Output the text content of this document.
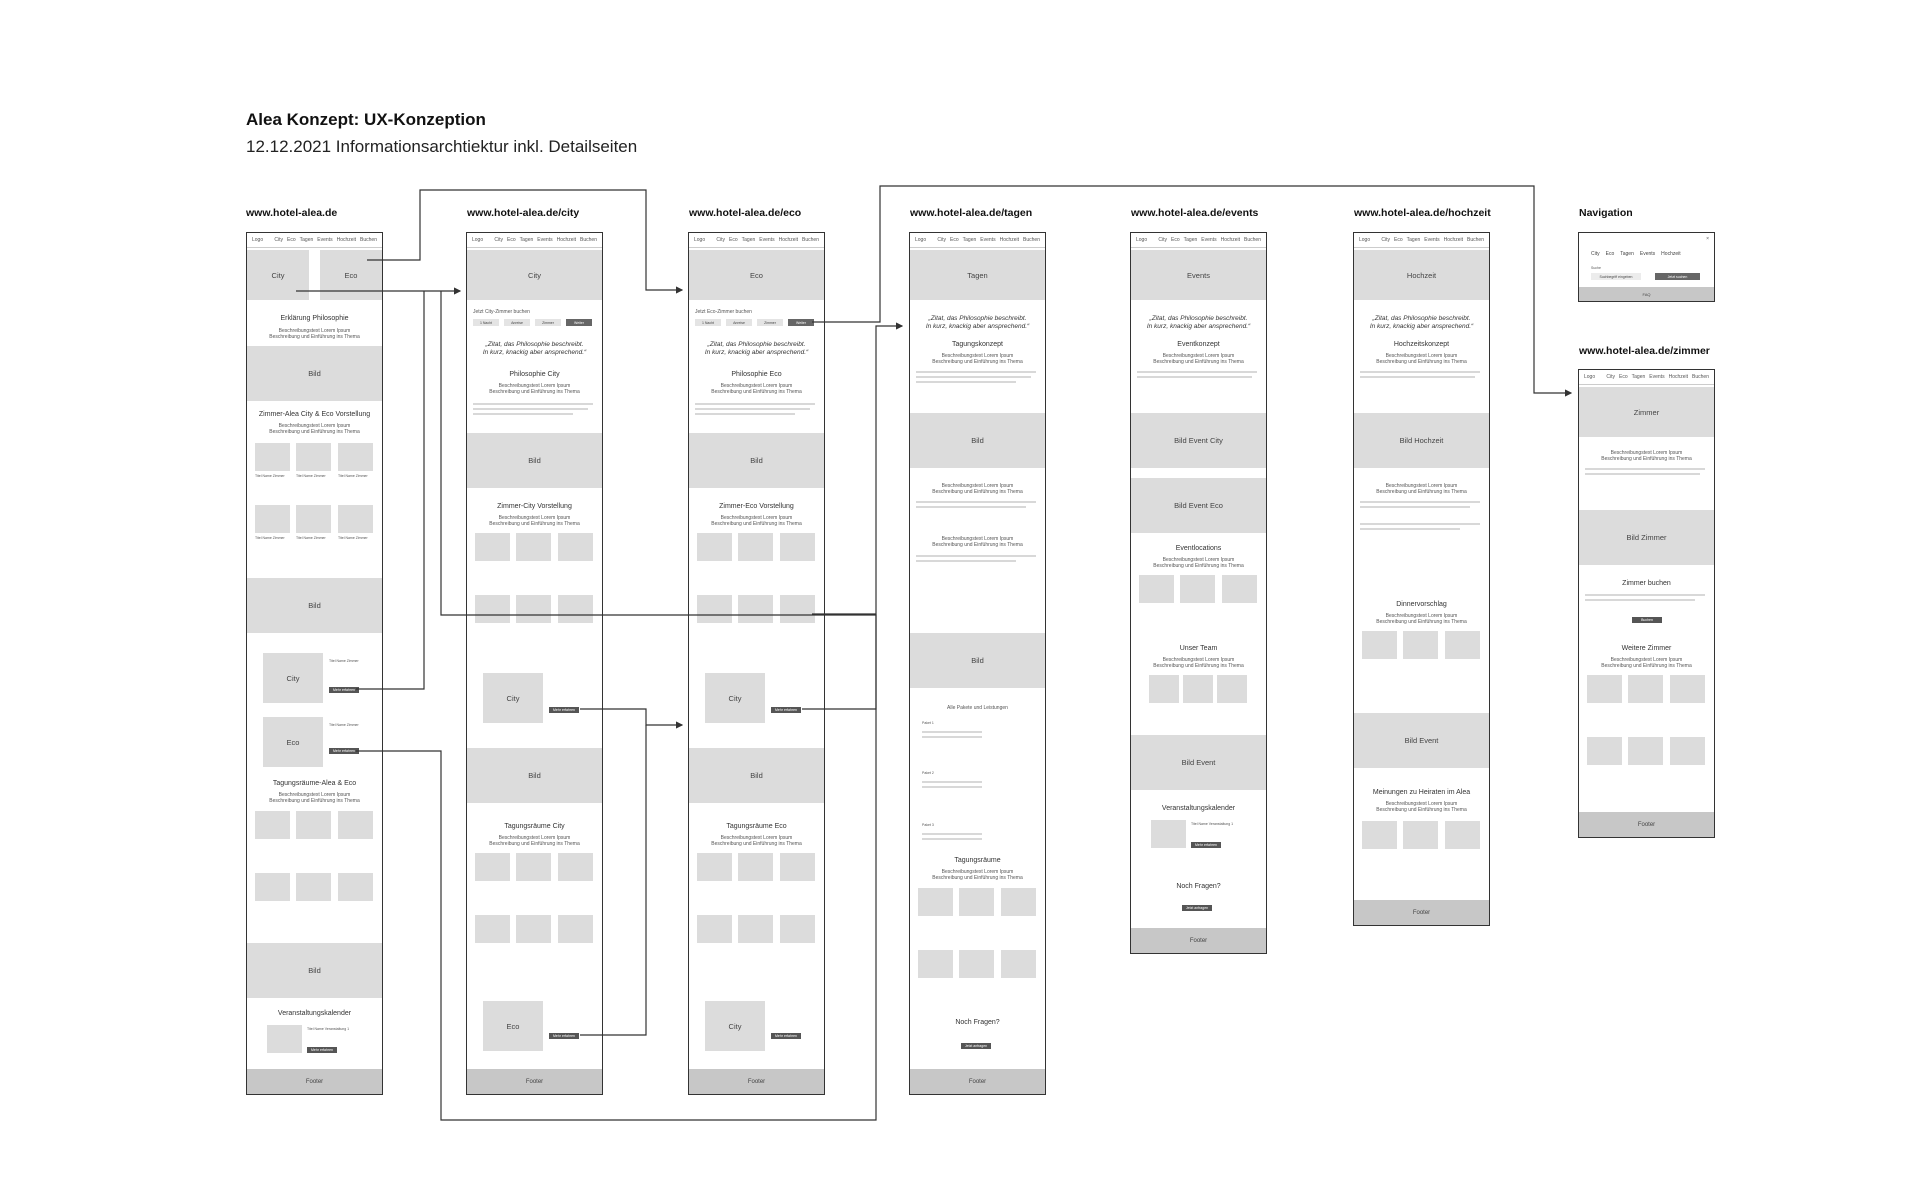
Alea Konzept: UX-Konzeption
12.12.2021 Informationsarchtiektur inkl. Detailseiten
www.hotel-alea.de	www.hotel-alea.de/city	www.hotel-alea.de/eco	www.hotel-alea.de/tagen	www.hotel-alea.de/events	www.hotel-alea.de/hochzeit	Navigation
www.hotel-alea.de/zimmer
Logo	City Eco Tagen Events Hochzeit Buchen
City	Eco
Erklärung Philosophie
Beschreibungstext Lorem Ipsum
Beschreibung und Einführung ins Thema
Bild
Zimmer-Alea City & Eco Vorstellung
Beschreibungstext Lorem Ipsum
Beschreibung und Einführung ins Thema
Titel Name Zimmer	Titel Name Zimmer	Titel Name Zimmer
Titel Name Zimmer	Titel Name Zimmer	Titel Name Zimmer
Bild
City
Titel Name Zimmer
Mehr erfahren
Eco
Titel Name Zimmer
Mehr erfahren
Tagungsräume-Alea & Eco
Beschreibungstext Lorem Ipsum
Beschreibung und Einführung ins Thema
Bild
Veranstaltungskalender
Titel Name Veranstaltung 1
Mehr erfahren
Footer
Logo	City Eco Tagen Events Hochzeit Buchen
City
Jetzt City-Zimmer buchen
1 Nacht	Anreise	Zimmer	Weiter
„Zitat, das Philosophie beschreibt.
In kurz, knackig aber ansprechend.“
Philosophie City
Beschreibungstext Lorem Ipsum
Beschreibung und Einführung ins Thema
Bild
Zimmer-City Vorstellung
Beschreibungstext Lorem Ipsum
Beschreibung und Einführung ins Thema
City
Mehr erfahren
Bild
Tagungsräume City
Beschreibungstext Lorem Ipsum
Beschreibung und Einführung ins Thema
Eco
Mehr erfahren
Footer
Logo	City Eco Tagen Events Hochzeit Buchen
Eco
Jetzt Eco-Zimmer buchen
1 Nacht	Anreise	Zimmer	Weiter
„Zitat, das Philosophie beschreibt.
In kurz, knackig aber ansprechend.“
Philosophie Eco
Beschreibungstext Lorem Ipsum
Beschreibung und Einführung ins Thema
Bild
Zimmer-Eco Vorstellung
Beschreibungstext Lorem Ipsum
Beschreibung und Einführung ins Thema
City
Mehr erfahren
Bild
Tagungsräume Eco
Beschreibungstext Lorem Ipsum
Beschreibung und Einführung ins Thema
City
Mehr erfahren
Footer
Logo	City Eco Tagen Events Hochzeit Buchen
Tagen
„Zitat, das Philosophie beschreibt.
In kurz, knackig aber ansprechend.“
Tagungskonzept
Beschreibungstext Lorem Ipsum
Beschreibung und Einführung ins Thema
Bild
Beschreibungstext Lorem Ipsum
Beschreibung und Einführung ins Thema
Beschreibungstext Lorem Ipsum
Beschreibung und Einführung ins Thema
Bild
Alle Pakete und Leistungen
Paket 1
Paket 2
Paket 3
Tagungsräume
Beschreibungstext Lorem Ipsum
Beschreibung und Einführung ins Thema
Noch Fragen?
Jetzt anfragen
Footer
Logo	City Eco Tagen Events Hochzeit Buchen
Events
„Zitat, das Philosophie beschreibt.
In kurz, knackig aber ansprechend.“
Eventkonzept
Beschreibungstext Lorem Ipsum
Beschreibung und Einführung ins Thema
Bild Event City
Bild Event Eco
Eventlocations
Beschreibungstext Lorem Ipsum
Beschreibung und Einführung ins Thema
Unser Team
Beschreibungstext Lorem Ipsum
Beschreibung und Einführung ins Thema
Bild Event
Veranstaltungskalender
Titel Name Veranstaltung 1
Mehr erfahren
Noch Fragen?
Jetzt anfragen
Footer
Logo	City Eco Tagen Events Hochzeit Buchen
Hochzeit
„Zitat, das Philosophie beschreibt.
In kurz, knackig aber ansprechend.“
Hochzeitskonzept
Beschreibungstext Lorem Ipsum
Beschreibung und Einführung ins Thema
Bild Hochzeit
Beschreibungstext Lorem Ipsum
Beschreibung und Einführung ins Thema
Dinnervorschlag
Beschreibungstext Lorem Ipsum
Beschreibung und Einführung ins Thema
Bild Event
Meinungen zu Heiraten im Alea
Beschreibungstext Lorem Ipsum
Beschreibung und Einführung ins Thema
Footer
×
City Eco Tagen Events Hochzeit
Suche
Suchbegriff eingeben	Jetzt suchen
FAQ
Logo	City Eco Tagen Events Hochzeit Buchen
Zimmer
Beschreibungstext Lorem Ipsum
Beschreibung und Einführung ins Thema
Bild Zimmer
Zimmer buchen
Buchen
Weitere Zimmer
Beschreibungstext Lorem Ipsum
Beschreibung und Einführung ins Thema
Footer
